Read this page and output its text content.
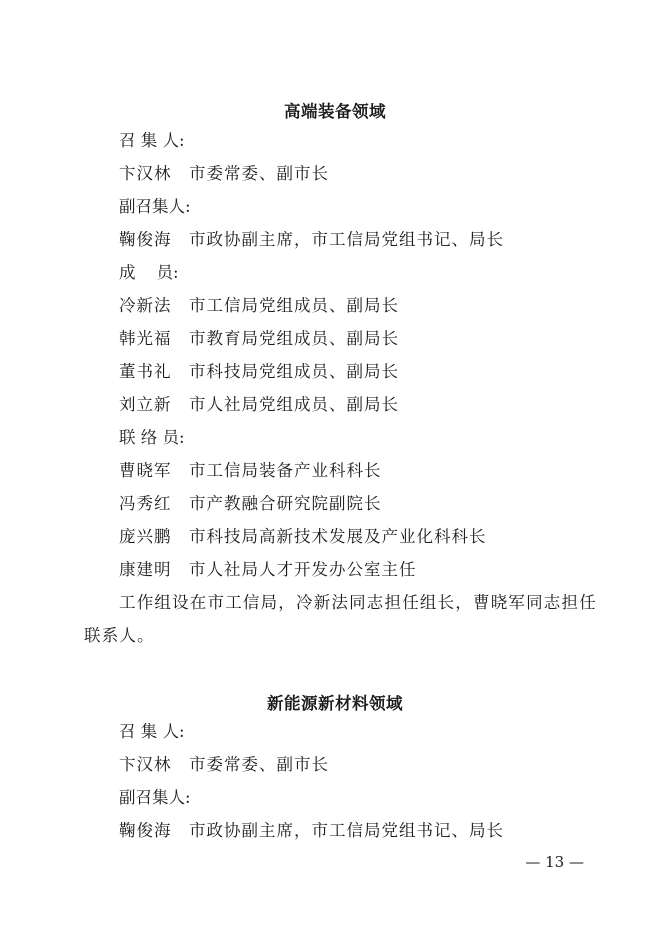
高端装备领域
召 集 人:
卞汉林 市委常委、副市长
副召集人:
鞠俊海 市政协副主席，市工信局党组书记、局长
成    员:
冷新法 市工信局党组成员、副局长
韩光福 市教育局党组成员、副局长
董书礼 市科技局党组成员、副局长
刘立新 市人社局党组成员、副局长
联 络 员:
曹晓军 市工信局装备产业科科长
冯秀红 市产教融合研究院副院长
庞兴鹏 市科技局高新技术发展及产业化科科长
康建明 市人社局人才开发办公室主任
工作组设在市工信局，冷新法同志担任组长，曹晓军同志担任
联系人。
新能源新材料领域
召 集 人:
卞汉林 市委常委、副市长
副召集人:
鞠俊海 市政协副主席，市工信局党组书记、局长
— 13 —
